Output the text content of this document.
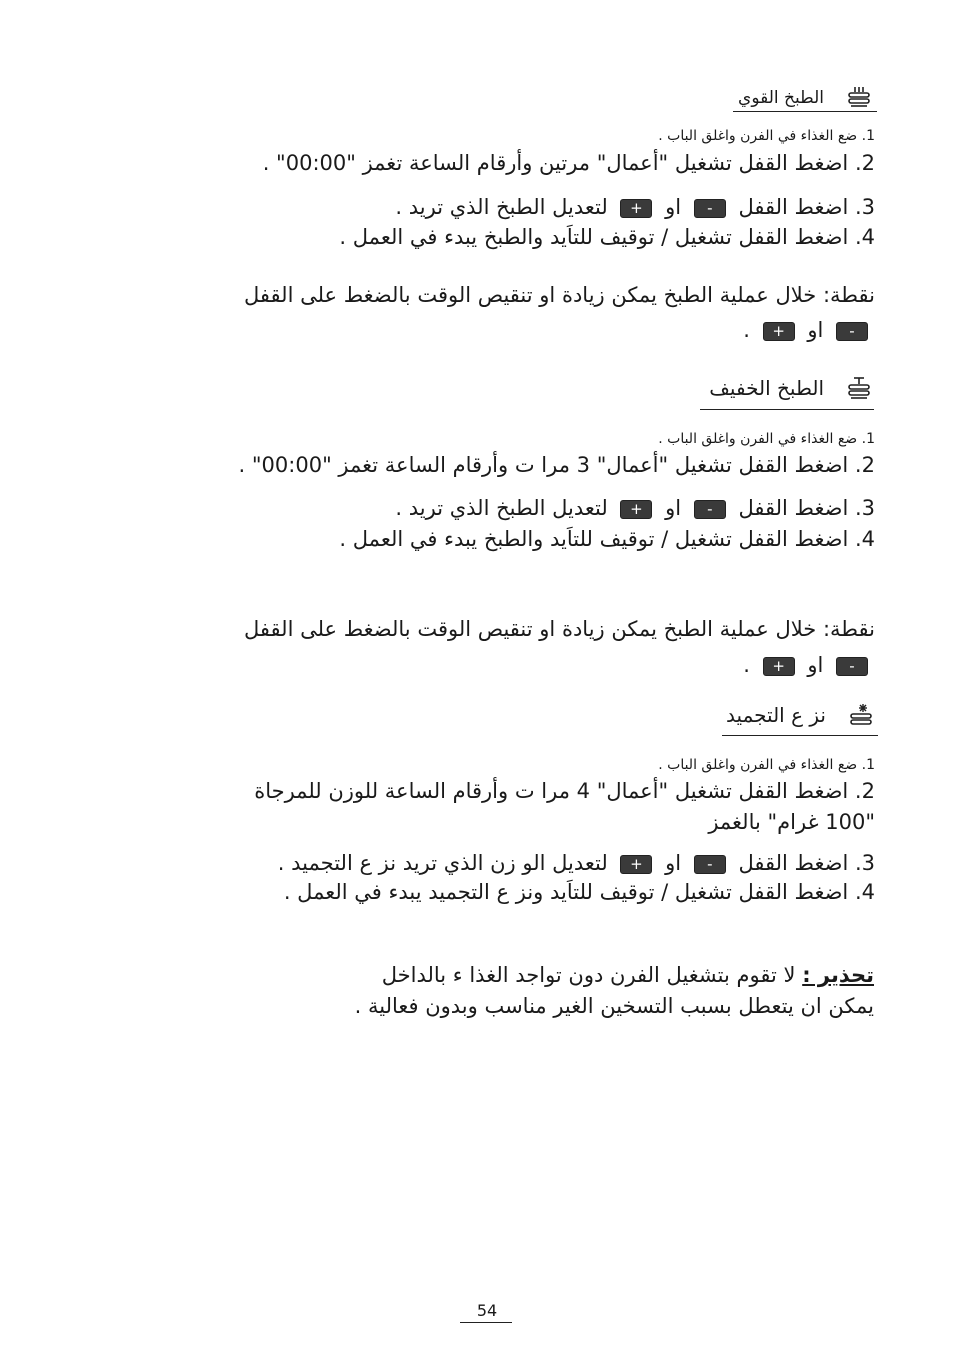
الطبخ القوي
1. ضع الغذاء في الفرن واغلق الباب .
2. اضغط القفل تشغيل "أعمال" مرتين وأرقام الساعة تغمز "00:00" .
3. اضغط القفل - او + لتعديل الطبخ الذي تريد .
4. اضغط القفل تشغيل / توقيف للتاَيد والطبخ يبدء في العمل .
نقطة: خلال عملية الطبخ يمكن زيادة او تنقيص الوقت بالضغط على القفل
- او + .
الطبخ الخفيف
1. ضع الغذاء في الفرن واغلق الباب .
2. اضغط القفل تشغيل "أعمال" 3 مرا ت وأرقام الساعة تغمز "00:00" .
3. اضغط القفل - او + لتعديل الطبخ الذي تريد .
4. اضغط القفل تشغيل / توقيف للتاَيد والطبخ يبدء في العمل .
نقطة: خلال عملية الطبخ يمكن زيادة او تنقيص الوقت بالضغط على القفل
- او + .
نز ع التجميد
1. ضع الغذاء في الفرن واغلق الباب .
2. اضغط القفل تشغيل "أعمال" 4 مرا ت وأرقام الساعة للوزن للمرجاة
"100 غرام" بالغمز
3. اضغط القفل - او + لتعديل الو زن الذي تريد نز ع التجميد .
4. اضغط القفل تشغيل / توقيف للتاَيد ونز ع التجميد يبدء في العمل .
تحذير : لا تقوم بتشغيل الفرن دون تواجد الغذا ء بالداخل
يمكن ان يتعطل بسبب التسخين الغير مناسب وبدون فعالية .
54
